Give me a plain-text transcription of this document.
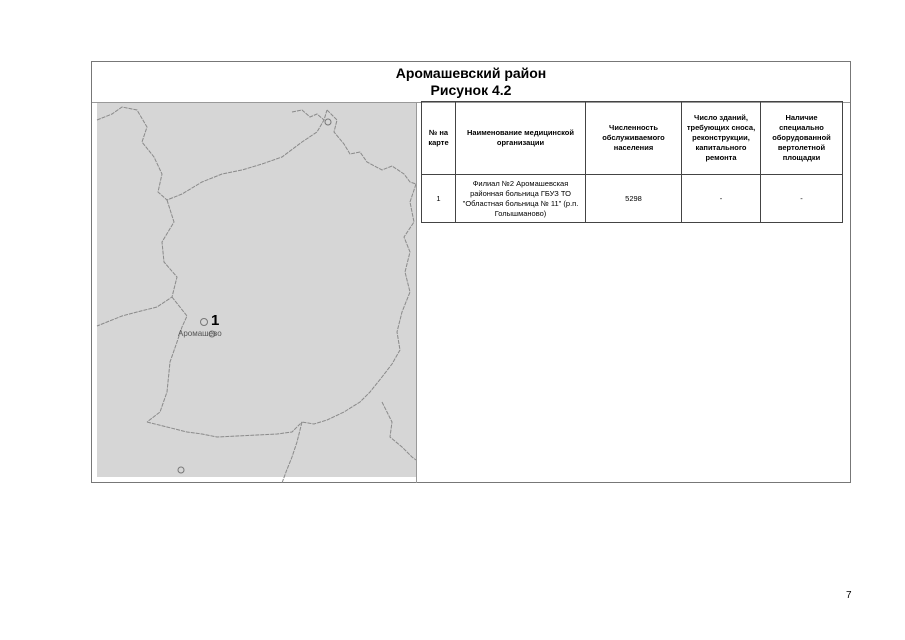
Аромашевский район
Рисунок 4.2
1
Аромашево
№ на карте	Наименование медицинской организации	Численность обслуживаемого населения	Число зданий, требующих сноса, реконструкции, капитального ремонта	Наличие специально оборудованной вертолетной площадки
1	Филиал №2 Аромашевская районная больница ГБУЗ ТО "Областная больница № 11" (р.п. Голышманово)	5298	-	-
7
